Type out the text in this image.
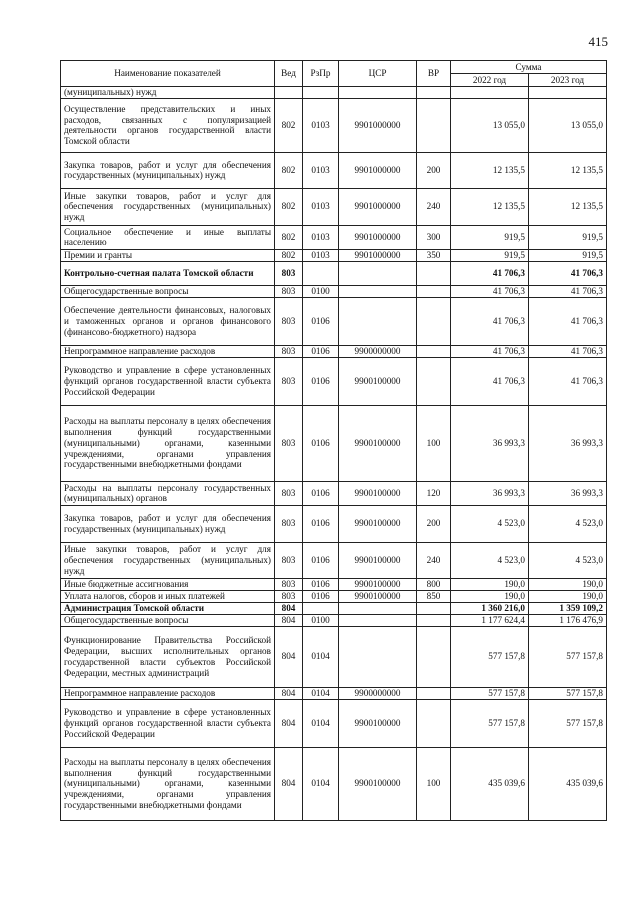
415
Наименование показателей	Вед	РзПр	ЦСР	ВР	Сумма	
					2022 год	2023 год
(муниципальных) нужд						
Осуществление представительских и иных расходов, связанных с популяризацией деятельности органов государственной власти Томской области	802	0103	9901000000		13 055,0	13 055,0
Закупка товаров, работ и услуг для обеспечения государственных (муниципальных) нужд	802	0103	9901000000	200	12 135,5	12 135,5
Иные закупки товаров, работ и услуг для обеспечения государственных (муниципальных) нужд	802	0103	9901000000	240	12 135,5	12 135,5
Социальное обеспечение и иные выплаты населению	802	0103	9901000000	300	919,5	919,5
Премии и гранты	802	0103	9901000000	350	919,5	919,5
Контрольно-счетная палата Томской области	803				41 706,3	41 706,3
Общегосударственные вопросы	803	0100			41 706,3	41 706,3
Обеспечение деятельности финансовых, налоговых и таможенных органов и органов финансового (финансово-бюджетного) надзора	803	0106			41 706,3	41 706,3
Непрограммное направление расходов	803	0106	9900000000		41 706,3	41 706,3
Руководство и управление в сфере установленных функций органов государственной власти субъекта Российской Федерации	803	0106	9900100000		41 706,3	41 706,3
Расходы на выплаты персоналу в целях обеспечения выполнения функций государственными (муниципальными) органами, казенными учреждениями, органами управления государственными внебюджетными фондами	803	0106	9900100000	100	36 993,3	36 993,3
Расходы на выплаты персоналу государственных (муниципальных) органов	803	0106	9900100000	120	36 993,3	36 993,3
Закупка товаров, работ и услуг для обеспечения государственных (муниципальных) нужд	803	0106	9900100000	200	4 523,0	4 523,0
Иные закупки товаров, работ и услуг для обеспечения государственных (муниципальных) нужд	803	0106	9900100000	240	4 523,0	4 523,0
Иные бюджетные ассигнования	803	0106	9900100000	800	190,0	190,0
Уплата налогов, сборов и иных платежей	803	0106	9900100000	850	190,0	190,0
Администрация Томской области	804				1 360 216,0	1 359 109,2
Общегосударственные вопросы	804	0100			1 177 624,4	1 176 476,9
Функционирование Правительства Российской Федерации, высших исполнительных органов государственной власти субъектов Российской Федерации, местных администраций	804	0104			577 157,8	577 157,8
Непрограммное направление расходов	804	0104	9900000000		577 157,8	577 157,8
Руководство и управление в сфере установленных функций органов государственной власти субъекта Российской Федерации	804	0104	9900100000		577 157,8	577 157,8
Расходы на выплаты персоналу в целях обеспечения выполнения функций государственными (муниципальными) органами, казенными учреждениями, органами управления государственными внебюджетными фондами	804	0104	9900100000	100	435 039,6	435 039,6
